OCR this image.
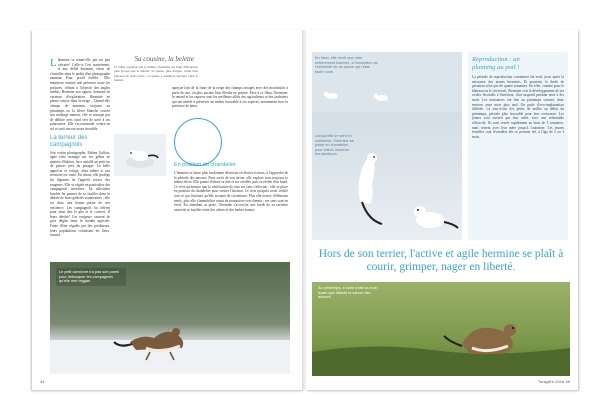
Lhermine se tenait-elle pas un peu calvaire! Celle-ci l'est assurément, et aux défilé émanant, chose de s'installer dans le jardin d'un photographe amateur. Pour, profil éveillé... Elle maintient comme une présence toute les postures, offrant à l'objectif des angles inédits. Hermine aux aguets, hermine en curieuse d'exploration. Hermine en pleine course dans la neige... Quand elle change de manteau, toujours au printemps ou la fièvre blanche couvre son mélange marron, elle se masque par de délibre avec fond vert de sorte à ses poursuivre. Elle s'accommode, ventre en sol et croit encore assez invisible.
La terreur des campagnols
Son voisin photographe, Fabien Gallois, agile rôtie managé sur ses gélins en matière d'habitat, lui a installé un petit tas de pierres près du potager. La belle apprécie ce refuge, alors même si son territoire est vaste. En retour, elle protège les légumes de l'appétit vorace des rongeurs. Elle se régale en particulier des campagnols terrestres. Sa silhouette fuselée lui permet de se faufiler dans le dédale de leurs galeries souterraines ; elle est donc une bonne partie de son existence. Les campagnols lui offrent pour ainsi dire le gîte et le couvert. Il leurs dérobe! Ces rongeurs causent de gros dégâts dans le monde agricole. Faute d'être régulés par des prédateurs, leurs populations colonisent les lieux, lassant
Sa cousine, la belette
Si l'aîné a généré son le mâme, l'hermine est bruit d'hiverrées plus grosse que la belette. Sa queue, plus longue, cerné d'un pinceau de poils noirs ; sa queue a aisément décapot chez la belette.
aperçue loin de la fonte de la neige des champs ravagés avec des monticules à perte de vue, où plus aucune brin d'herbe ne pousse. Face à ce fléau, l'hermine, le renard et les rapaces sont les meilleurs alliés des agriculteurs et des jardiniers qui ont intérêt à préserver un milieu favorable à ces espèces, notamment avec la présence de haies.
En position du chandelier
L'hermine se lance plus facilement désaveux en février et mars, à l'approche de la période des amours. Pour sortir de son terrier, elle explore trois toujours le même décor. Elle pointe d'abord sa tête et ses oreilles, puis se révèle d'un bond. Ce n'est qu'ensuite que la vérification de tous ses sens s'effectue : elle se place en position du chandelier pour scruter l'horizon. Ce n'est qu'après avoir vérifié tout ce qui l'entoure qu'elle accepte de s'aventurer. Plus elle trouve d'éléments neufs, plus elle s'immobilise avant de poursuivre son chemin ; ses sens sont en éveil. En attendant sa proie, l'hermine s'accroche aux bords de sa cachette avant de se faufiler entre des arbres et des herbes hautes.
Le petit carnivore n'a pas son pareil pour débusquer les campagnols qu'elle met reggae.
44
En hiver, elle revêt une robe entièrement blanche, à l'exception de l'extrémité de sa queue qui reste toute noire.
Lorsqu'elle se sent en confiance, l'hermine se poste en chandelier pour mieux observer les alentours.
Reproduction : un
planning au poil !
La période de reproduction commence fin avril, juste après la naissance des jeunes hermines. Et pourtant, la durée de gestation n'est que de quatre semaines. En effet, comme pour le blaireau ou le chevreuil, l'hermine voit le développement de ses ovules fécondés à l'intérieur, d'un suspend pendant neuf à dix mois. Les naissances ont lieu au printemps suivant, donc environ onze mois plus tard. On parle d'ovo-implantation différée. La tout-à-fait des petits de neiller au début du printemps, période plus favorable pour leur croissance. Les jeunes sont ouverts par leur mère, avec une redoutable efficacité. Ils sont sevrés rapidement au bout de 5 semaines, mais restent avec leur mère jusqu'à l'automne. Les jeunes femelles sont fécondées dès ce premier été, à l'âge de 2 ou 3 mois.
Hors de son terrier, l'active et agile hermine se plaît à courir, grimper, nager en liberté.
Au printemps, à boire à fait sa mue, avant que débute la saison des amours.
Tonight's 119 ▸ 45
